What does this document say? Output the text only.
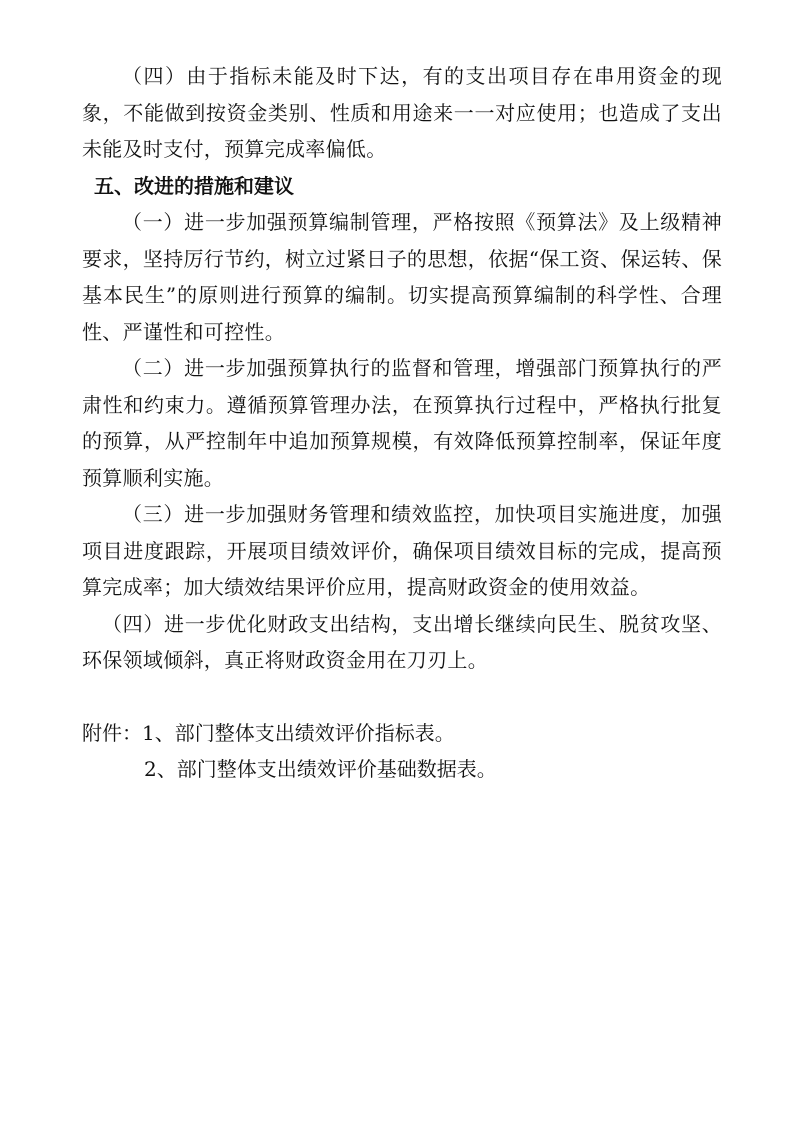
（四）由于指标未能及时下达，有的支出项目存在串用资金的现象，不能做到按资金类别、性质和用途来一一对应使用；也造成了支出未能及时支付，预算完成率偏低。

五、改进的措施和建议

（一）进一步加强预算编制管理，严格按照《预算法》及上级精神要求，坚持厉行节约，树立过紧日子的思想，依据“保工资、保运转、保基本民生”的原则进行预算的编制。切实提高预算编制的科学性、合理性、严谨性和可控性。

（二）进一步加强预算执行的监督和管理，增强部门预算执行的严肃性和约束力。遵循预算管理办法，在预算执行过程中，严格执行批复的预算，从严控制年中追加预算规模，有效降低预算控制率，保证年度预算顺利实施。

（三）进一步加强财务管理和绩效监控，加快项目实施进度，加强项目进度跟踪，开展项目绩效评价，确保项目绩效目标的完成，提高预算完成率；加大绩效结果评价应用，提高财政资金的使用效益。

（四）进一步优化财政支出结构，支出增长继续向民生、脱贫攻坚、环保领域倾斜，真正将财政资金用在刀刃上。

附件：1、部门整体支出绩效评价指标表。

2、部门整体支出绩效评价基础数据表。
